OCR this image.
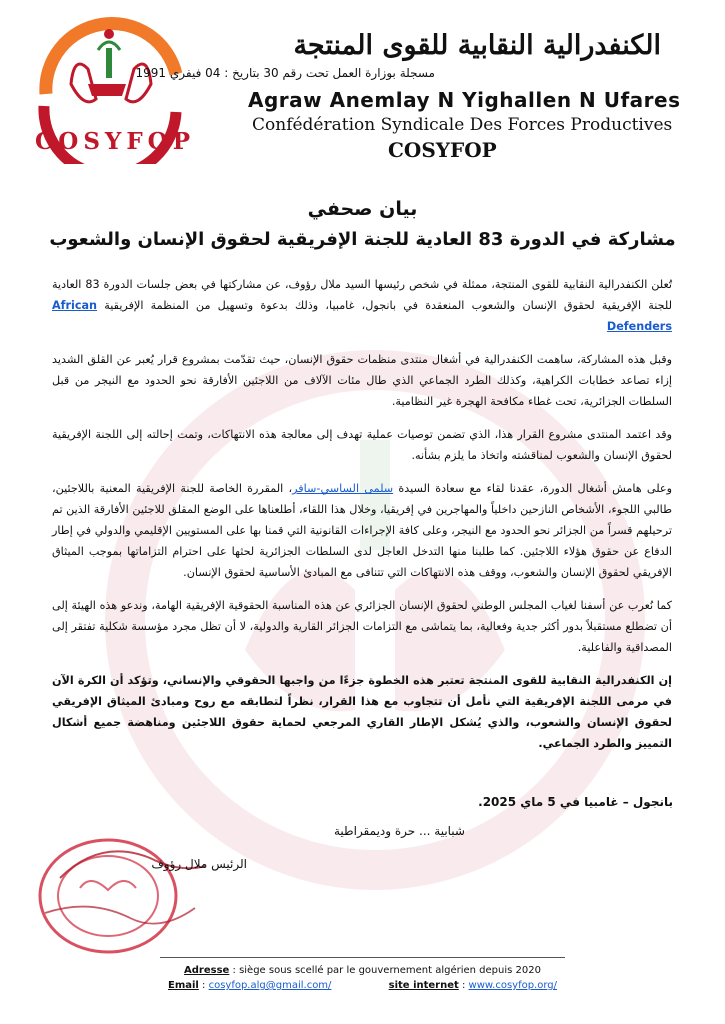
COSYFOP
الكنفدرالية النقابية للقوى المنتجة
مسجلة بوزارة العمل تحت رقم 30 بتاريخ : 04 فيفري 1991
Agraw Anemlay N Yighallen N Ufares
Confédération Syndicale Des Forces Productives
COSYFOP
بيان صحفي
مشاركة في الدورة 83 العادية للجنة الإفريقية لحقوق الإنسان والشعوب

تُعلن الكنفدرالية النقابية للقوى المنتجة، ممثلة في شخص رئيسها السيد ملال رؤوف، عن مشاركتها في بعض جلسات الدورة 83 العادية للجنة الإفريقية لحقوق الإنسان والشعوب المنعقدة في بانجول، غامبيا، وذلك بدعوة وتسهيل من المنظمة الإفريقية African Defenders

وقبل هذه المشاركة، ساهمت الكنفدرالية في أشغال منتدى منظمات حقوق الإنسان، حيث تقدّمت بمشروع قرار يُعبر عن القلق الشديد إزاء تصاعد خطابات الكراهية، وكذلك الطرد الجماعي الذي طال مئات الآلاف من اللاجئين الأفارقة نحو الحدود مع النيجر من قبل السلطات الجزائرية، تحت غطاء مكافحة الهجرة غير النظامية.

وقد اعتمد المنتدى مشروع القرار هذا، الذي تضمن توصيات عملية تهدف إلى معالجة هذه الانتهاكات، وتمت إحالته إلى اللجنة الإفريقية لحقوق الإنسان والشعوب لمناقشته واتخاذ ما يلزم بشأنه.

وعلى هامش أشغال الدورة، عقدنا لقاء مع سعادة السيدة سلمى الساسي-سافر، المقررة الخاصة للجنة الإفريقية المعنية باللاجئين، طالبي اللجوء، الأشخاص النازحين داخلياً والمهاجرين في إفريقيا، وخلال هذا اللقاء، أطلعناها على الوضع المقلق للاجئين الأفارقة الذين تم ترحيلهم قسراً من الجزائر نحو الحدود مع النيجر، وعلى كافة الإجراءات القانونية التي قمنا بها على المستويين الإقليمي والدولي في إطار الدفاع عن حقوق هؤلاء اللاجئين. كما طلبنا منها التدخل العاجل لدى السلطات الجزائرية لحثها على احترام التزاماتها بموجب الميثاق الإفريقي لحقوق الإنسان والشعوب، ووقف هذه الانتهاكات التي تتنافى مع المبادئ الأساسية لحقوق الإنسان.

كما نُعرب عن أسفنا لغياب المجلس الوطني لحقوق الإنسان الجزائري عن هذه المناسبة الحقوقية الإفريقية الهامة، وندعو هذه الهيئة إلى أن تضطلع مستقبلاً بدور أكثر جدية وفعالية، بما يتماشى مع التزامات الجزائر القارية والدولية، لا أن تظل مجرد مؤسسة شكلية تفتقر إلى المصداقية والفاعلية.

إن الكنفدرالية النقابية للقوى المنتجة تعتبر هذه الخطوة جزءًا من واجبها الحقوقي والإنساني، وتؤكد أن الكرة الآن في مرمى اللجنة الإفريقية التي نأمل أن تتجاوب مع هذا القرار، نظراً لتطابقه مع روح ومبادئ الميثاق الإفريقي لحقوق الإنسان والشعوب، والذي يُشكل الإطار القاري المرجعي لحماية حقوق اللاجئين ومناهضة جميع أشكال التمييز والطرد الجماعي.

بانجول – غامبيا في 5 ماي 2025.
شبابية ... حرة وديمقراطية
الرئيس ملال رؤوف
Adresse : siège sous scellé par le gouvernement algérien depuis 2020
Email : cosyfop.alg@gmail.com/	site internet : www.cosyfop.org/
